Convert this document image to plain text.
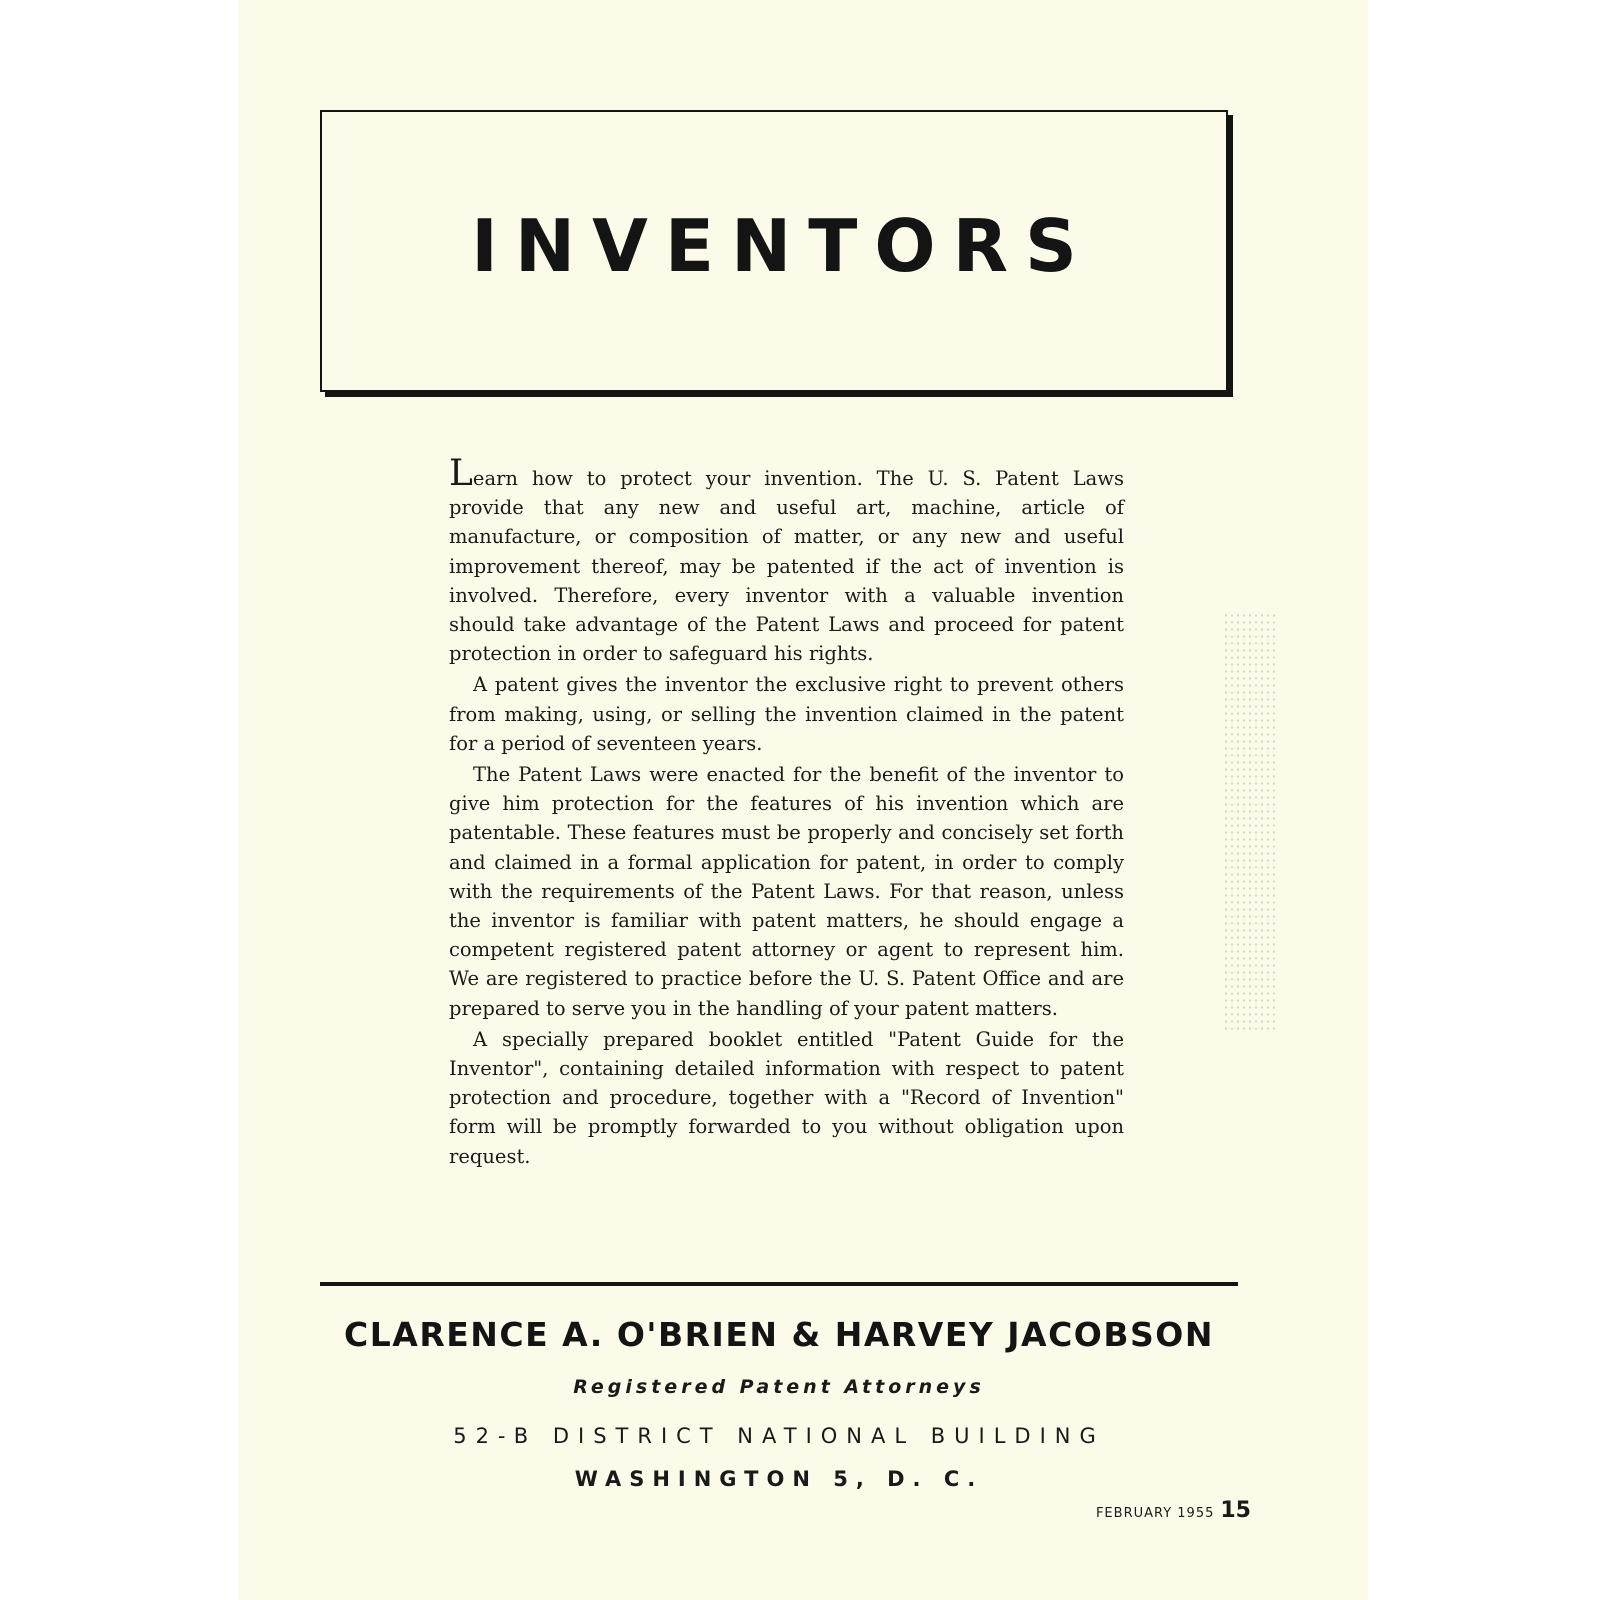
INVENTORS

Learn how to protect your invention. The U. S. Patent Laws provide that any new and useful art, machine, article of manufacture, or composition of matter, or any new and useful improvement thereof, may be patented if the act of invention is involved. Therefore, every inventor with a valuable invention should take advantage of the Patent Laws and proceed for patent protection in order to safeguard his rights.

A patent gives the inventor the exclusive right to prevent others from making, using, or selling the invention claimed in the patent for a period of seventeen years.

The Patent Laws were enacted for the benefit of the inventor to give him protection for the features of his invention which are patentable. These features must be properly and concisely set forth and claimed in a formal application for patent, in order to comply with the requirements of the Patent Laws. For that reason, unless the inventor is familiar with patent matters, he should engage a competent registered patent attorney or agent to represent him. We are registered to practice before the U. S. Patent Office and are prepared to serve you in the handling of your patent matters.

A specially prepared booklet entitled "Patent Guide for the Inventor", containing detailed information with respect to patent protection and procedure, together with a "Record of Invention" form will be promptly forwarded to you without obligation upon request.

CLARENCE A. O'BRIEN & HARVEY JACOBSON
Registered Patent Attorneys
52-B DISTRICT NATIONAL BUILDING
WASHINGTON 5, D. C.
FEBRUARY 1955 15
